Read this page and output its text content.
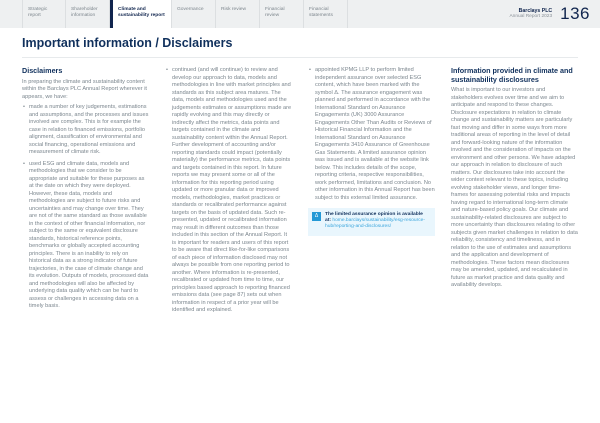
Strategic report
Shareholder information
Climate and sustainability report
Governance	Risk review	Financial review
Financial statements
Barclays PLC
Annual Report 2023 136
Important information / Disclaimers
Disclaimers
In preparing the climate and sustainability content within the Barclays PLC Annual Report wherever it appears, we have:
• made a number of key judgements, estimations and assumptions, and the processes and issues involved are complex. This is for example the case in relation to financed emissions, portfolio alignment, classification of environmental and social financing, operational emissions and measurement of climate risk.
• used ESG and climate data, models and methodologies that we consider to be appropriate and suitable for these purposes as at the date on which they were deployed. However, these data, models and methodologies are subject to future risks and uncertainties and may change over time. They are not of the same standard as those available in the context of other financial information, nor subject to the same or equivalent disclosure standards, historical reference points, benchmarks or globally accepted accounting principles. There is an inability to rely on historical data as a strong indicator of future trajectories, in the case of climate change and its evolution. Outputs of models, processed data and methodologies will also be affected by underlying data quality which can be hard to assess or challenges in accessing data on a timely basis.
• continued (and will continue) to review and develop our approach to data, models and methodologies in line with market principles and standards as this subject area matures. The data, models and methodologies used and the judgements estimates or assumptions made are rapidly evolving and this may directly or indirectly affect the metrics, data points and targets contained in the climate and sustainability content within the Annual Report. Further development of accounting and/or reporting standards could impact (potentially materially) the performance metrics, data points and targets contained in this report. In future reports we may present some or all of the information for this reporting period using updated or more granular data or improved models, methodologies, market practices or standards or recalibrated performance against targets on the basis of updated data. Such re-presented, updated or recalibrated information may result in different outcomes than those included in this section of the Annual Report. It is important for readers and users of this report to be aware that direct like-for-like comparisons of each piece of information disclosed may not always be possible from one reporting period to another. Where information is re-presented, recalibrated or updated from time to time, our principles based approach to reporting financed emissions data (see page 87) sets out when information in respect of a prior year will be identified and explained.
• appointed KPMG LLP to perform limited independent assurance over selected ESG content, which have been marked with the symbol Δ. The assurance engagement was planned and performed in accordance with the International Standard on Assurance Engagements (UK) 3000 Assurance Engagements Other Than Audits or Reviews of Historical Financial Information and the International Standard on Assurance Engagements 3410 Assurance of Greenhouse Gas Statements. A limited assurance opinion was issued and is available at the website link below. This includes details of the scope, reporting criteria, respective responsibilities, work performed, limitations and conclusion. No other information in this Annual Report has been subject to this external limited assurance.
Δ	The limited assurance opinion is available at: home.barclays/sustainability/esg-resource-hub/reporting-and-disclosures/
Information provided in climate and sustainability disclosures
What is important to our investors and stakeholders evolves over time and we aim to anticipate and respond to these changes. Disclosure expectations in relation to climate change and sustainability matters are particularly fast moving and differ in some ways from more traditional areas of reporting in the level of detail and forward-looking nature of the information involved and the consideration of impacts on the environment and other persons. We have adapted our approach in relation to disclosure of such matters. Our disclosures take into account the wider context relevant to these topics, including evolving stakeholder views, and longer time-frames for assessing potential risks and impacts having regard to international long-term climate and nature-based policy goals. Our climate and sustainability-related disclosures are subject to more uncertainty than disclosures relating to other subjects given market challenges in relation to data reliability, consistency and timeliness, and in relation to the use of estimates and assumptions and the application and development of methodologies. These factors mean disclosures may be amended, updated, and recalculated in future as market practice and data quality and availability develops.
